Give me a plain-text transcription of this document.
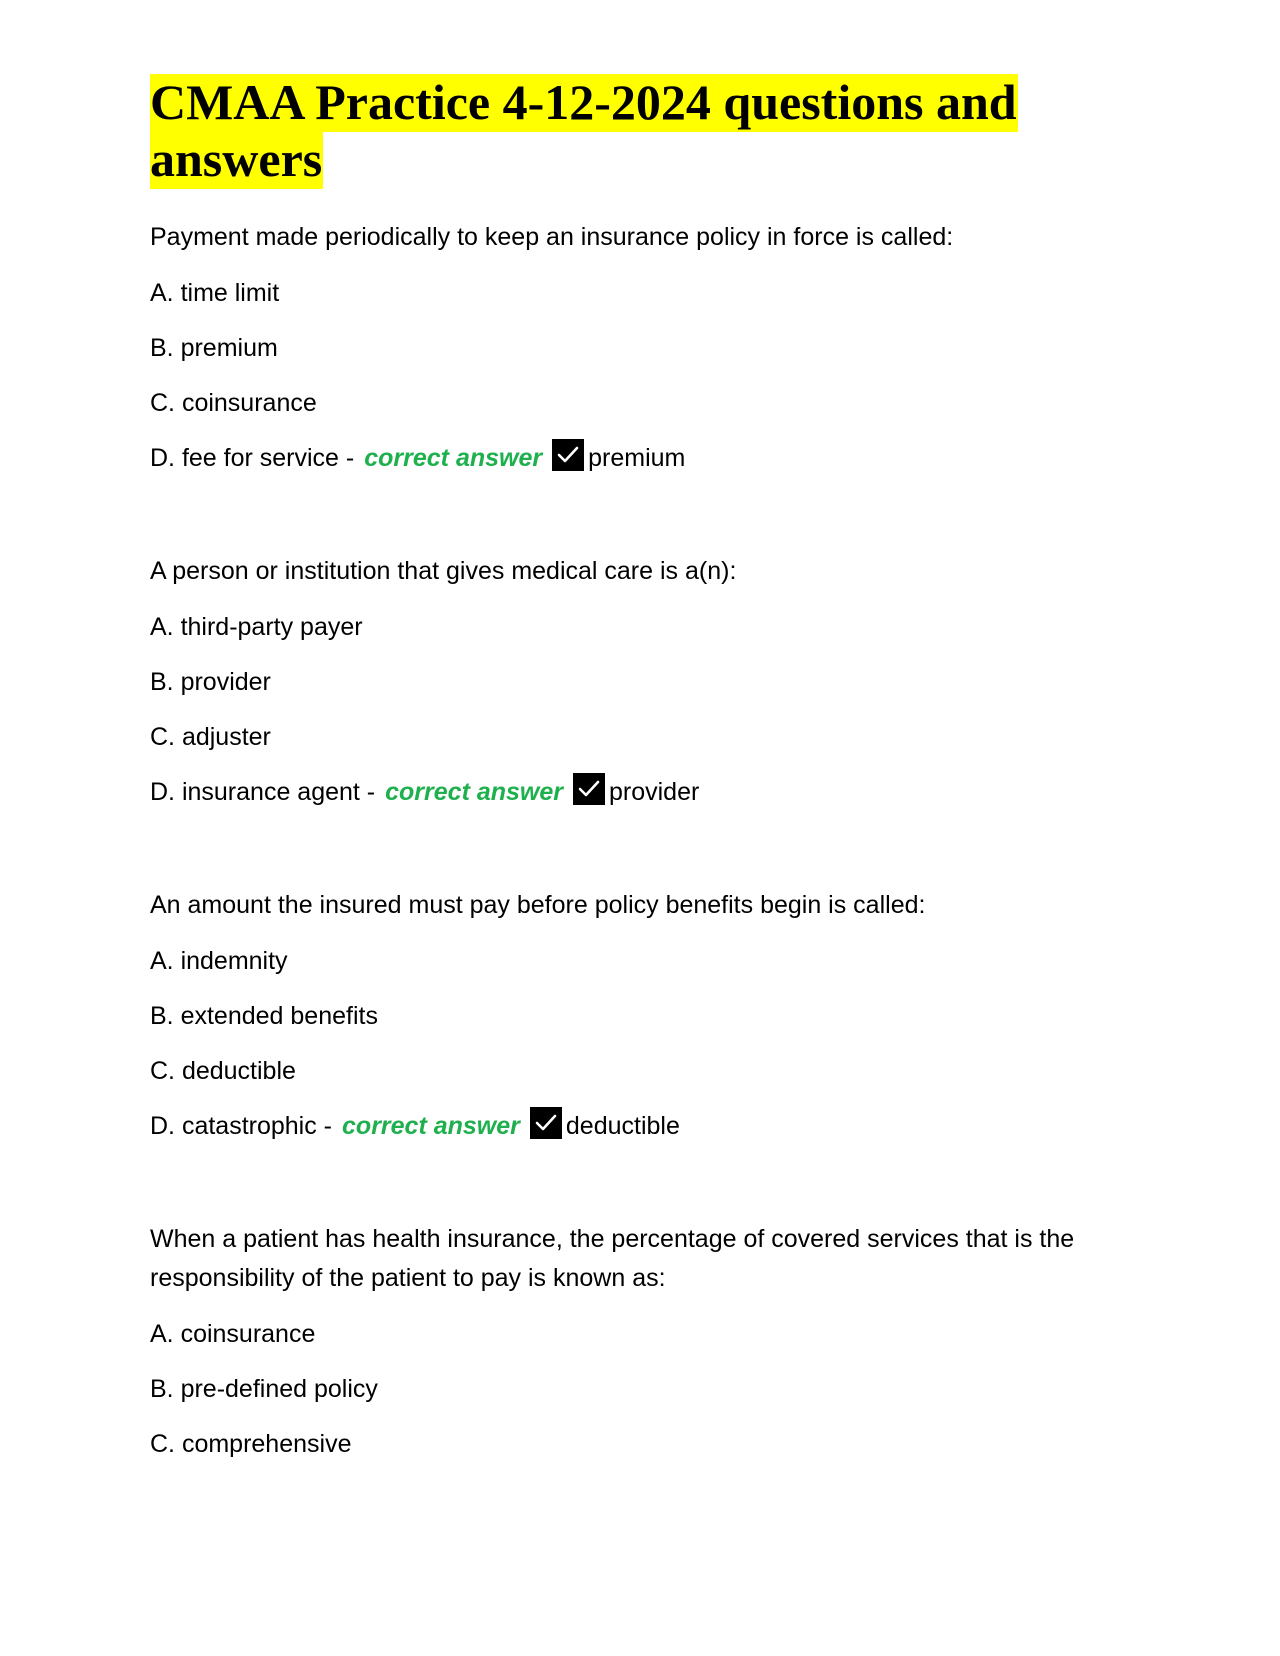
CMAA Practice 4-12-2024 questions and answers

Payment made periodically to keep an insurance policy in force is called:

A. time limit

B. premium

C. coinsurance

D. fee for service - correct answer premium

A person or institution that gives medical care is a(n):

A. third-party payer

B. provider

C. adjuster

D. insurance agent - correct answer provider

An amount the insured must pay before policy benefits begin is called:

A. indemnity

B. extended benefits

C. deductible

D. catastrophic - correct answer deductible

When a patient has health insurance, the percentage of covered services that is the responsibility of the patient to pay is known as:

A. coinsurance

B. pre-defined policy

C. comprehensive
